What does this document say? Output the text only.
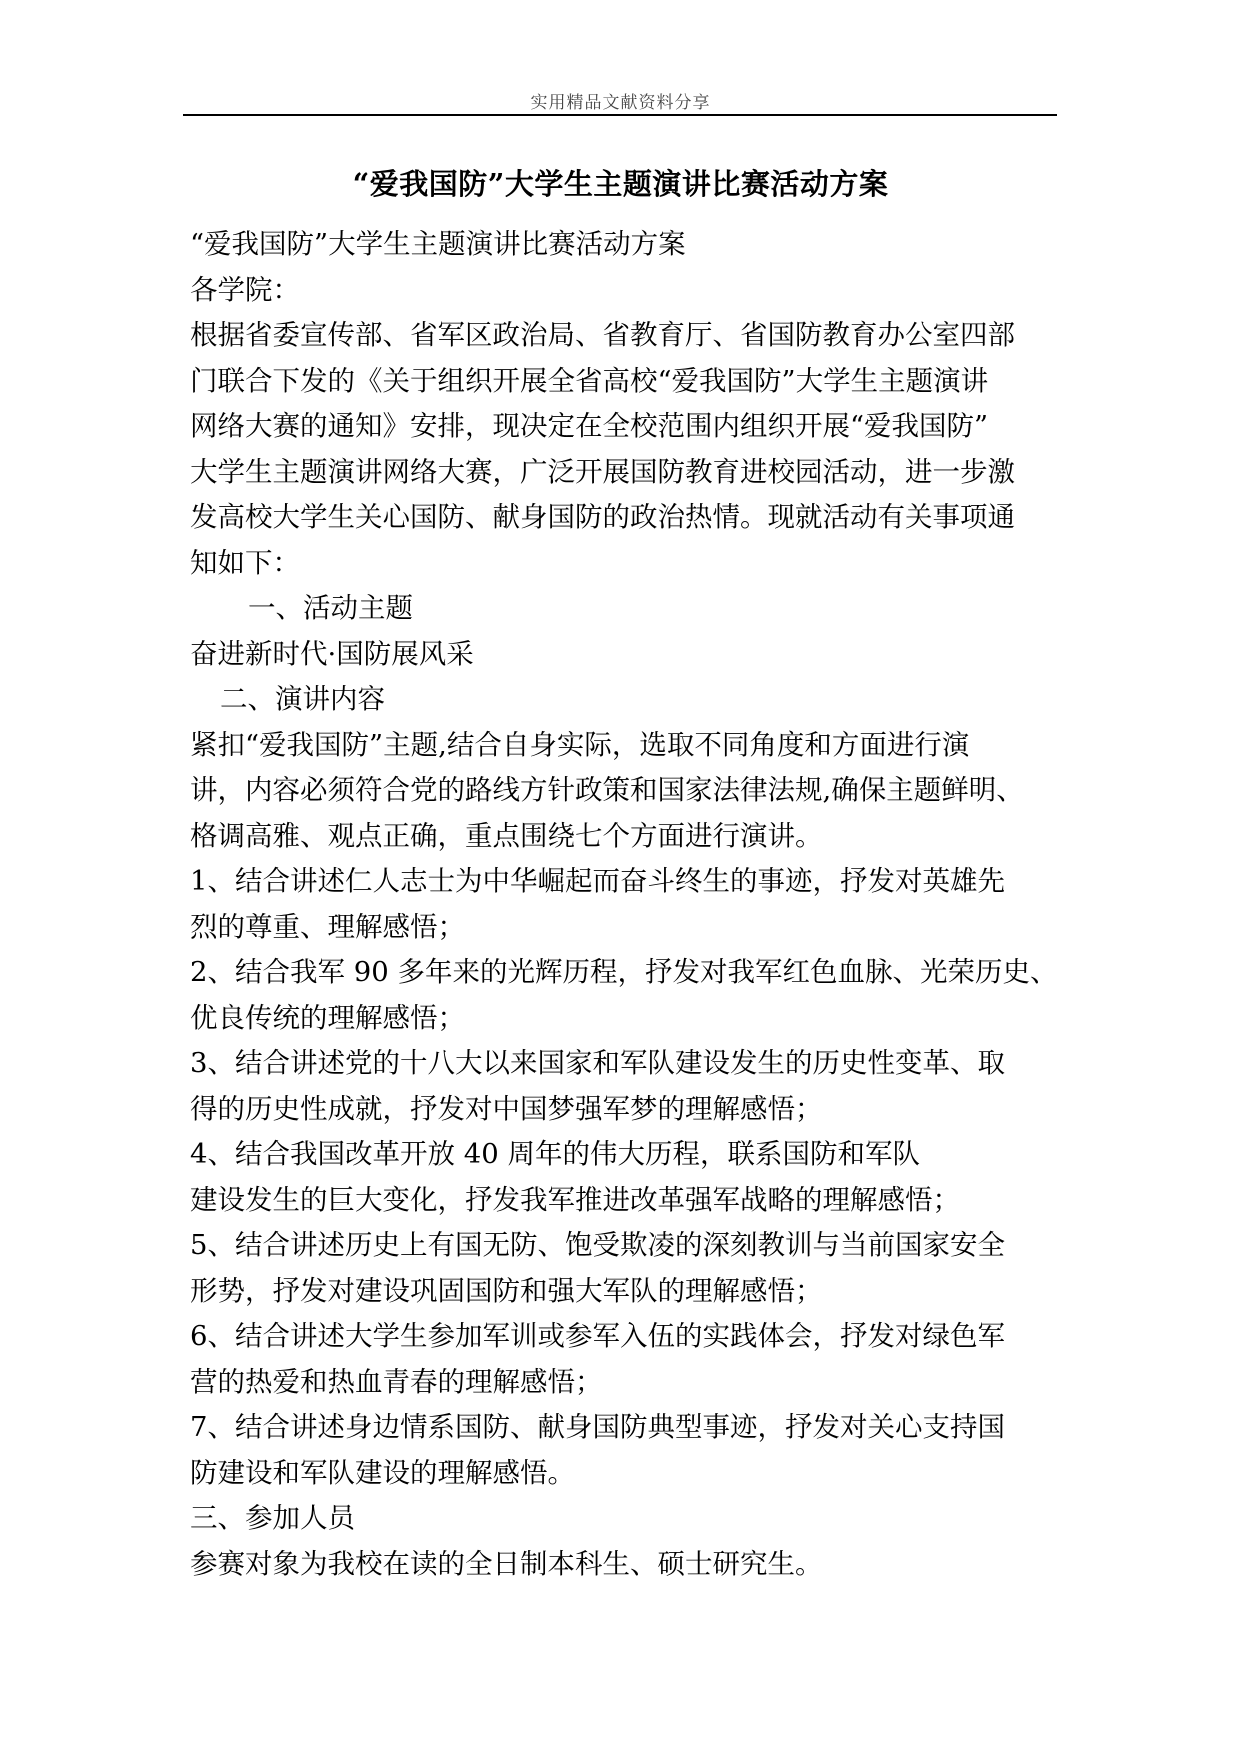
实用精品文献资料分享
“爱我国防”大学生主题演讲比赛活动方案
“爱我国防”大学生主题演讲比赛活动方案
各学院：
根据省委宣传部、省军区政治局、省教育厅、省国防教育办公室四部
门联合下发的《关于组织开展全省高校“爱我国防”大学生主题演讲
网络大赛的通知》安排，现决定在全校范围内组织开展“爱我国防”
大学生主题演讲网络大赛，广泛开展国防教育进校园活动，进一步激
发高校大学生关心国防、献身国防的政治热情。现就活动有关事项通
知如下：
一、活动主题
奋进新时代·国防展风采
二、演讲内容
紧扣“爱我国防”主题,结合自身实际，选取不同角度和方面进行演
讲，内容必须符合党的路线方针政策和国家法律法规,确保主题鲜明、
格调高雅、观点正确，重点围绕七个方面进行演讲。
1、结合讲述仁人志士为中华崛起而奋斗终生的事迹，抒发对英雄先
烈的尊重、理解感悟；
2、结合我军 90 多年来的光辉历程，抒发对我军红色血脉、光荣历史、
优良传统的理解感悟；
3、结合讲述党的十八大以来国家和军队建设发生的历史性变革、取
得的历史性成就，抒发对中国梦强军梦的理解感悟；
4、结合我国改革开放 40 周年的伟大历程，联系国防和军队
建设发生的巨大变化，抒发我军推进改革强军战略的理解感悟；
5、结合讲述历史上有国无防、饱受欺凌的深刻教训与当前国家安全
形势，抒发对建设巩固国防和强大军队的理解感悟；
6、结合讲述大学生参加军训或参军入伍的实践体会，抒发对绿色军
营的热爱和热血青春的理解感悟；
7、结合讲述身边情系国防、献身国防典型事迹，抒发对关心支持国
防建设和军队建设的理解感悟。
三、参加人员
参赛对象为我校在读的全日制本科生、硕士研究生。
